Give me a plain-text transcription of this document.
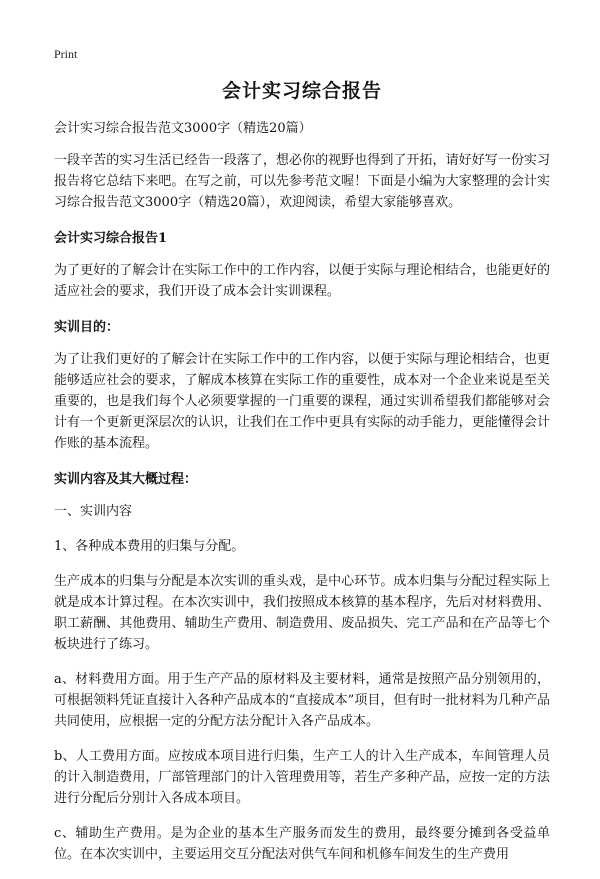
Print
会计实习综合报告
会计实习综合报告范文3000字（精选20篇）

一段辛苦的实习生活已经告一段落了，想必你的视野也得到了开拓，请好好写一份实习报告将它总结下来吧。在写之前，可以先参考范文喔！下面是小编为大家整理的会计实习综合报告范文3000字（精选20篇），欢迎阅读，希望大家能够喜欢。

会计实习综合报告1

为了更好的了解会计在实际工作中的工作内容，以便于实际与理论相结合，也能更好的适应社会的要求，我们开设了成本会计实训课程。

实训目的：

为了让我们更好的了解会计在实际工作中的工作内容，以便于实际与理论相结合，也更能够适应社会的要求，了解成本核算在实际工作的重要性，成本对一个企业来说是至关重要的，也是我们每个人必须要掌握的一门重要的课程，通过实训希望我们都能够对会计有一个更新更深层次的认识，让我们在工作中更具有实际的动手能力，更能懂得会计作账的基本流程。

实训内容及其大概过程：

一、实训内容

1、各种成本费用的归集与分配。

生产成本的归集与分配是本次实训的重头戏，是中心环节。成本归集与分配过程实际上就是成本计算过程。在本次实训中，我们按照成本核算的基本程序，先后对材料费用、职工薪酬、其他费用、辅助生产费用、制造费用、废品损失、完工产品和在产品等七个板块进行了练习。

a、材料费用方面。用于生产产品的原材料及主要材料，通常是按照产品分别领用的，可根据领料凭证直接计入各种产品成本的“直接成本”项目，但有时一批材料为几种产品共同使用，应根据一定的分配方法分配计入各产品成本。

b、人工费用方面。应按成本项目进行归集，生产工人的计入生产成本，车间管理人员的计入制造费用，厂部管理部门的计入管理费用等，若生产多种产品，应按一定的方法进行分配后分别计入各成本项目。

c、辅助生产费用。是为企业的基本生产服务而发生的费用，最终要分摊到各受益单位。在本次实训中，主要运用交互分配法对供气车间和机修车间发生的生产费用
